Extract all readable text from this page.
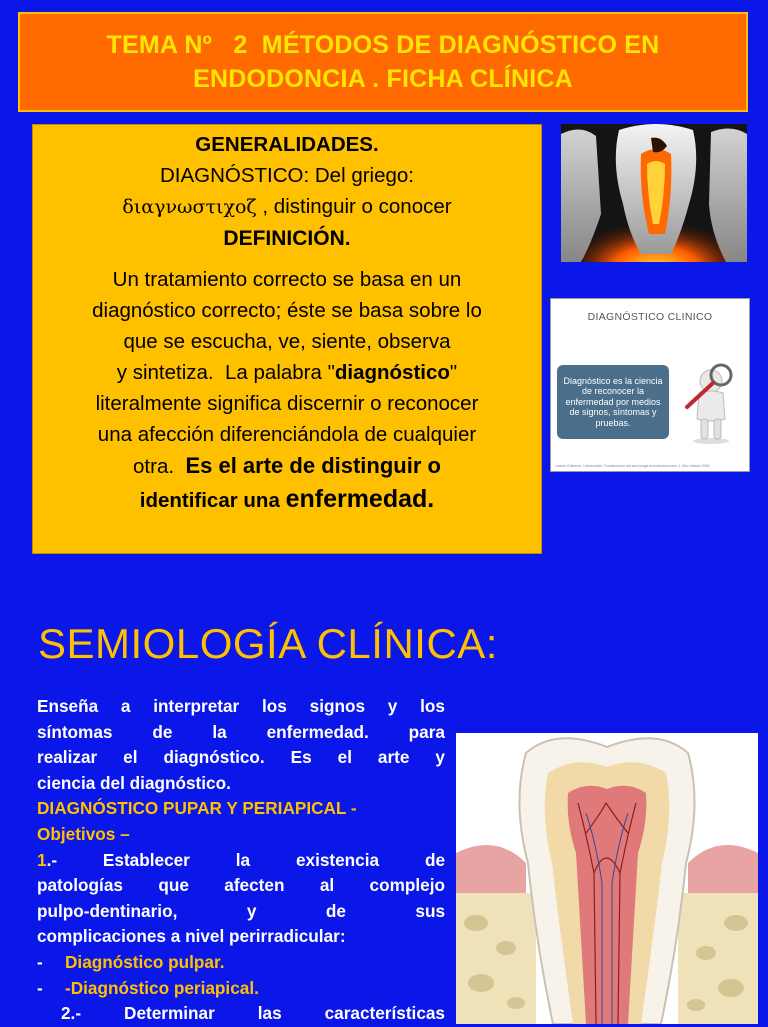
TEMA Nº   2  MÉTODOS DE DIAGNÓSTICO EN
ENDODONCIA . FICHA CLÍNICA
GENERALIDADES.
DIAGNÓSTICO: Del griego:
διαγνωστιχοζ , distinguir o conocer
DEFINICIÓN.
Un tratamiento correcto se basa en un
diagnóstico correcto; éste se basa sobre lo
que se escucha, ve, siente, observa
y sintetiza.  La palabra "diagnóstico"
literalmente significa discernir o reconocer
una afección diferenciándola de cualquier
otra.  Es el arte de distinguir o
identificar una enfermedad.
DIAGNÓSTICO CLINICO
Diagnóstico es la ciencia de reconocer la enfermedad por medios de signos, síntomas y pruebas.
Lorena Gutierrez. Universidad. Fundamentos del semiologia endodontica tomo 1. Año editado 2008
SEMIOLOGÍA CLÍNICA:
Enseña a interpretar los signos y los
síntomas de la enfermedad. para
realizar el diagnóstico. Es el arte y
ciencia del diagnóstico.
DIAGNÓSTICO PUPAR Y PERIAPICAL -
Objetivos –
1.- Establecer la existencia de
patologías que afecten al complejo
pulpo-dentinario, y de sus
complicaciones a nivel perirradicular:
-	Diagnóstico pulpar.
-	-Diagnóstico periapical.
2.- Determinar las características
